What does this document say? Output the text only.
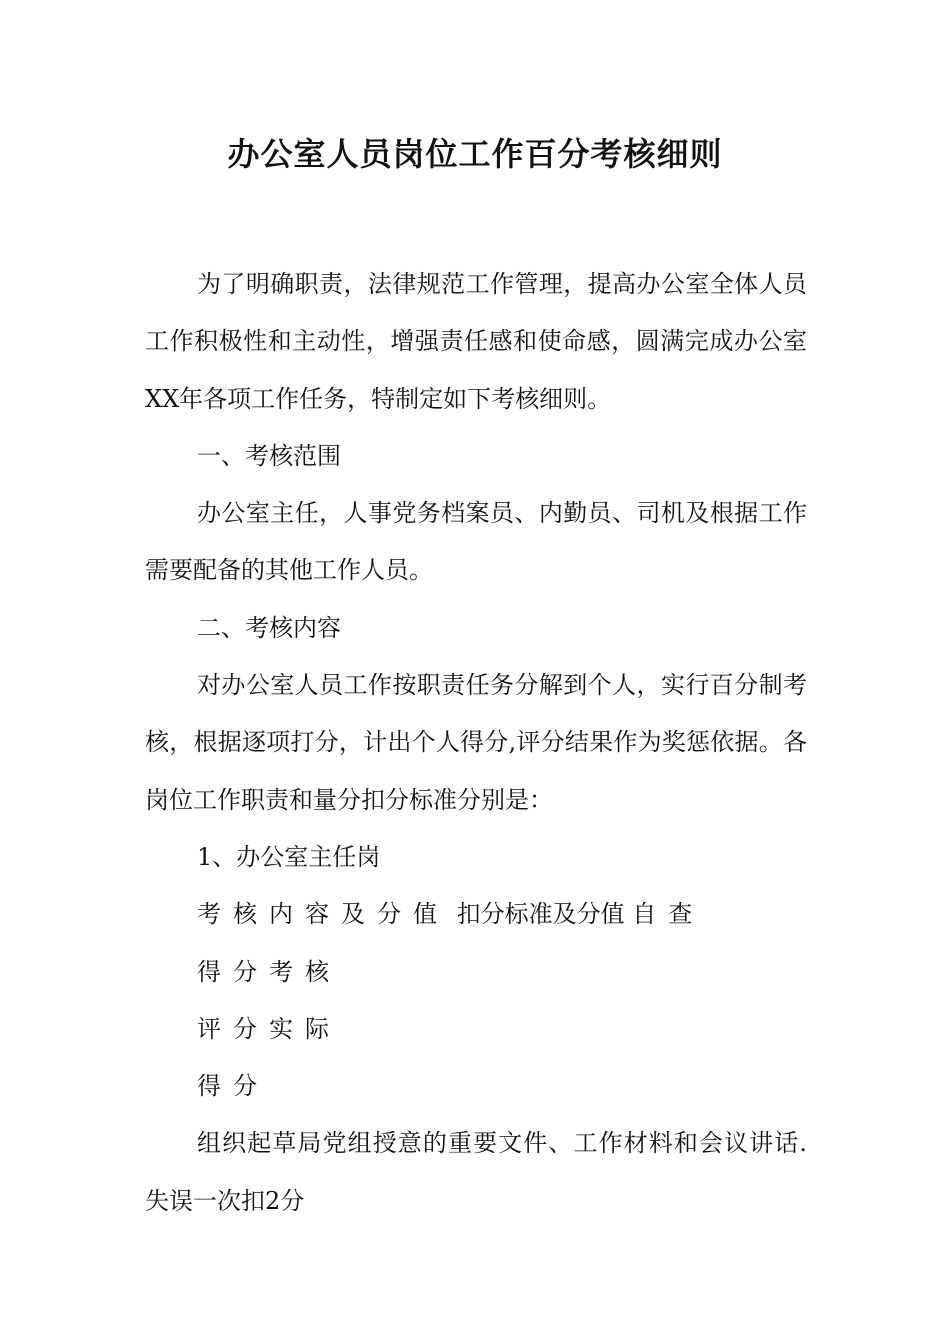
办公室人员岗位工作百分考核细则

为了明确职责，法律规范工作管理，提高办公室全体人员工作积极性和主动性，增强责任感和使命感，圆满完成办公室XX年各项工作任务，特制定如下考核细则。

一、考核范围

办公室主任，人事党务档案员、内勤员、司机及根据工作需要配备的其他工作人员。

二、考核内容

对办公室人员工作按职责任务分解到个人，实行百分制考核，根据逐项打分，计出个人得分,评分结果作为奖惩依据。各岗位工作职责和量分扣分标准分别是：

1、办公室主任岗

考核内容及分值 扣分标准及分值 自查

得分考核

评分实际

得分

组织起草局党组授意的重要文件、工作材料和会议讲话. 失误一次扣2分
